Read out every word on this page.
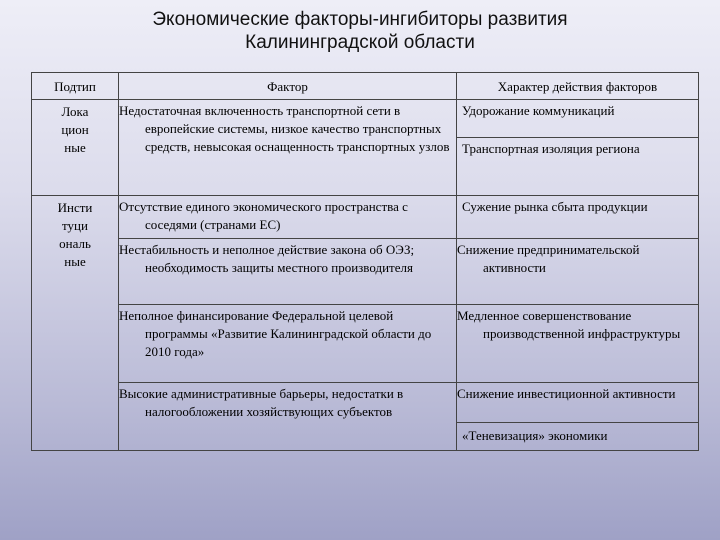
Экономические факторы-ингибиторы развития
Калининградской области
Подтип	Фактор	Характер действия факторов

Лока
цион
ные	Недостаточная включенность транспортной сети в европейские системы, низкое качество транспортных средств, невысокая оснащенность транспортных узлов	Удорожание коммуникаций
		Транспортная изоляция региона

Инсти
туци
ональ
ные	Отсутствие единого экономического пространства с соседями (странами ЕС)	Сужение рынка сбыта продукции
	Нестабильность и неполное действие закона об ОЭЗ; необходимость защиты местного производителя	Снижение предпринимательской активности
	Неполное финансирование Федеральной целевой программы «Развитие Калининградской области до 2010 года»	Медленное совершенствование производственной инфраструктуры
	Высокие административные барьеры, недостатки в налогообложении хозяйствующих субъектов	Снижение инвестиционной активности
		«Теневизация» экономики
